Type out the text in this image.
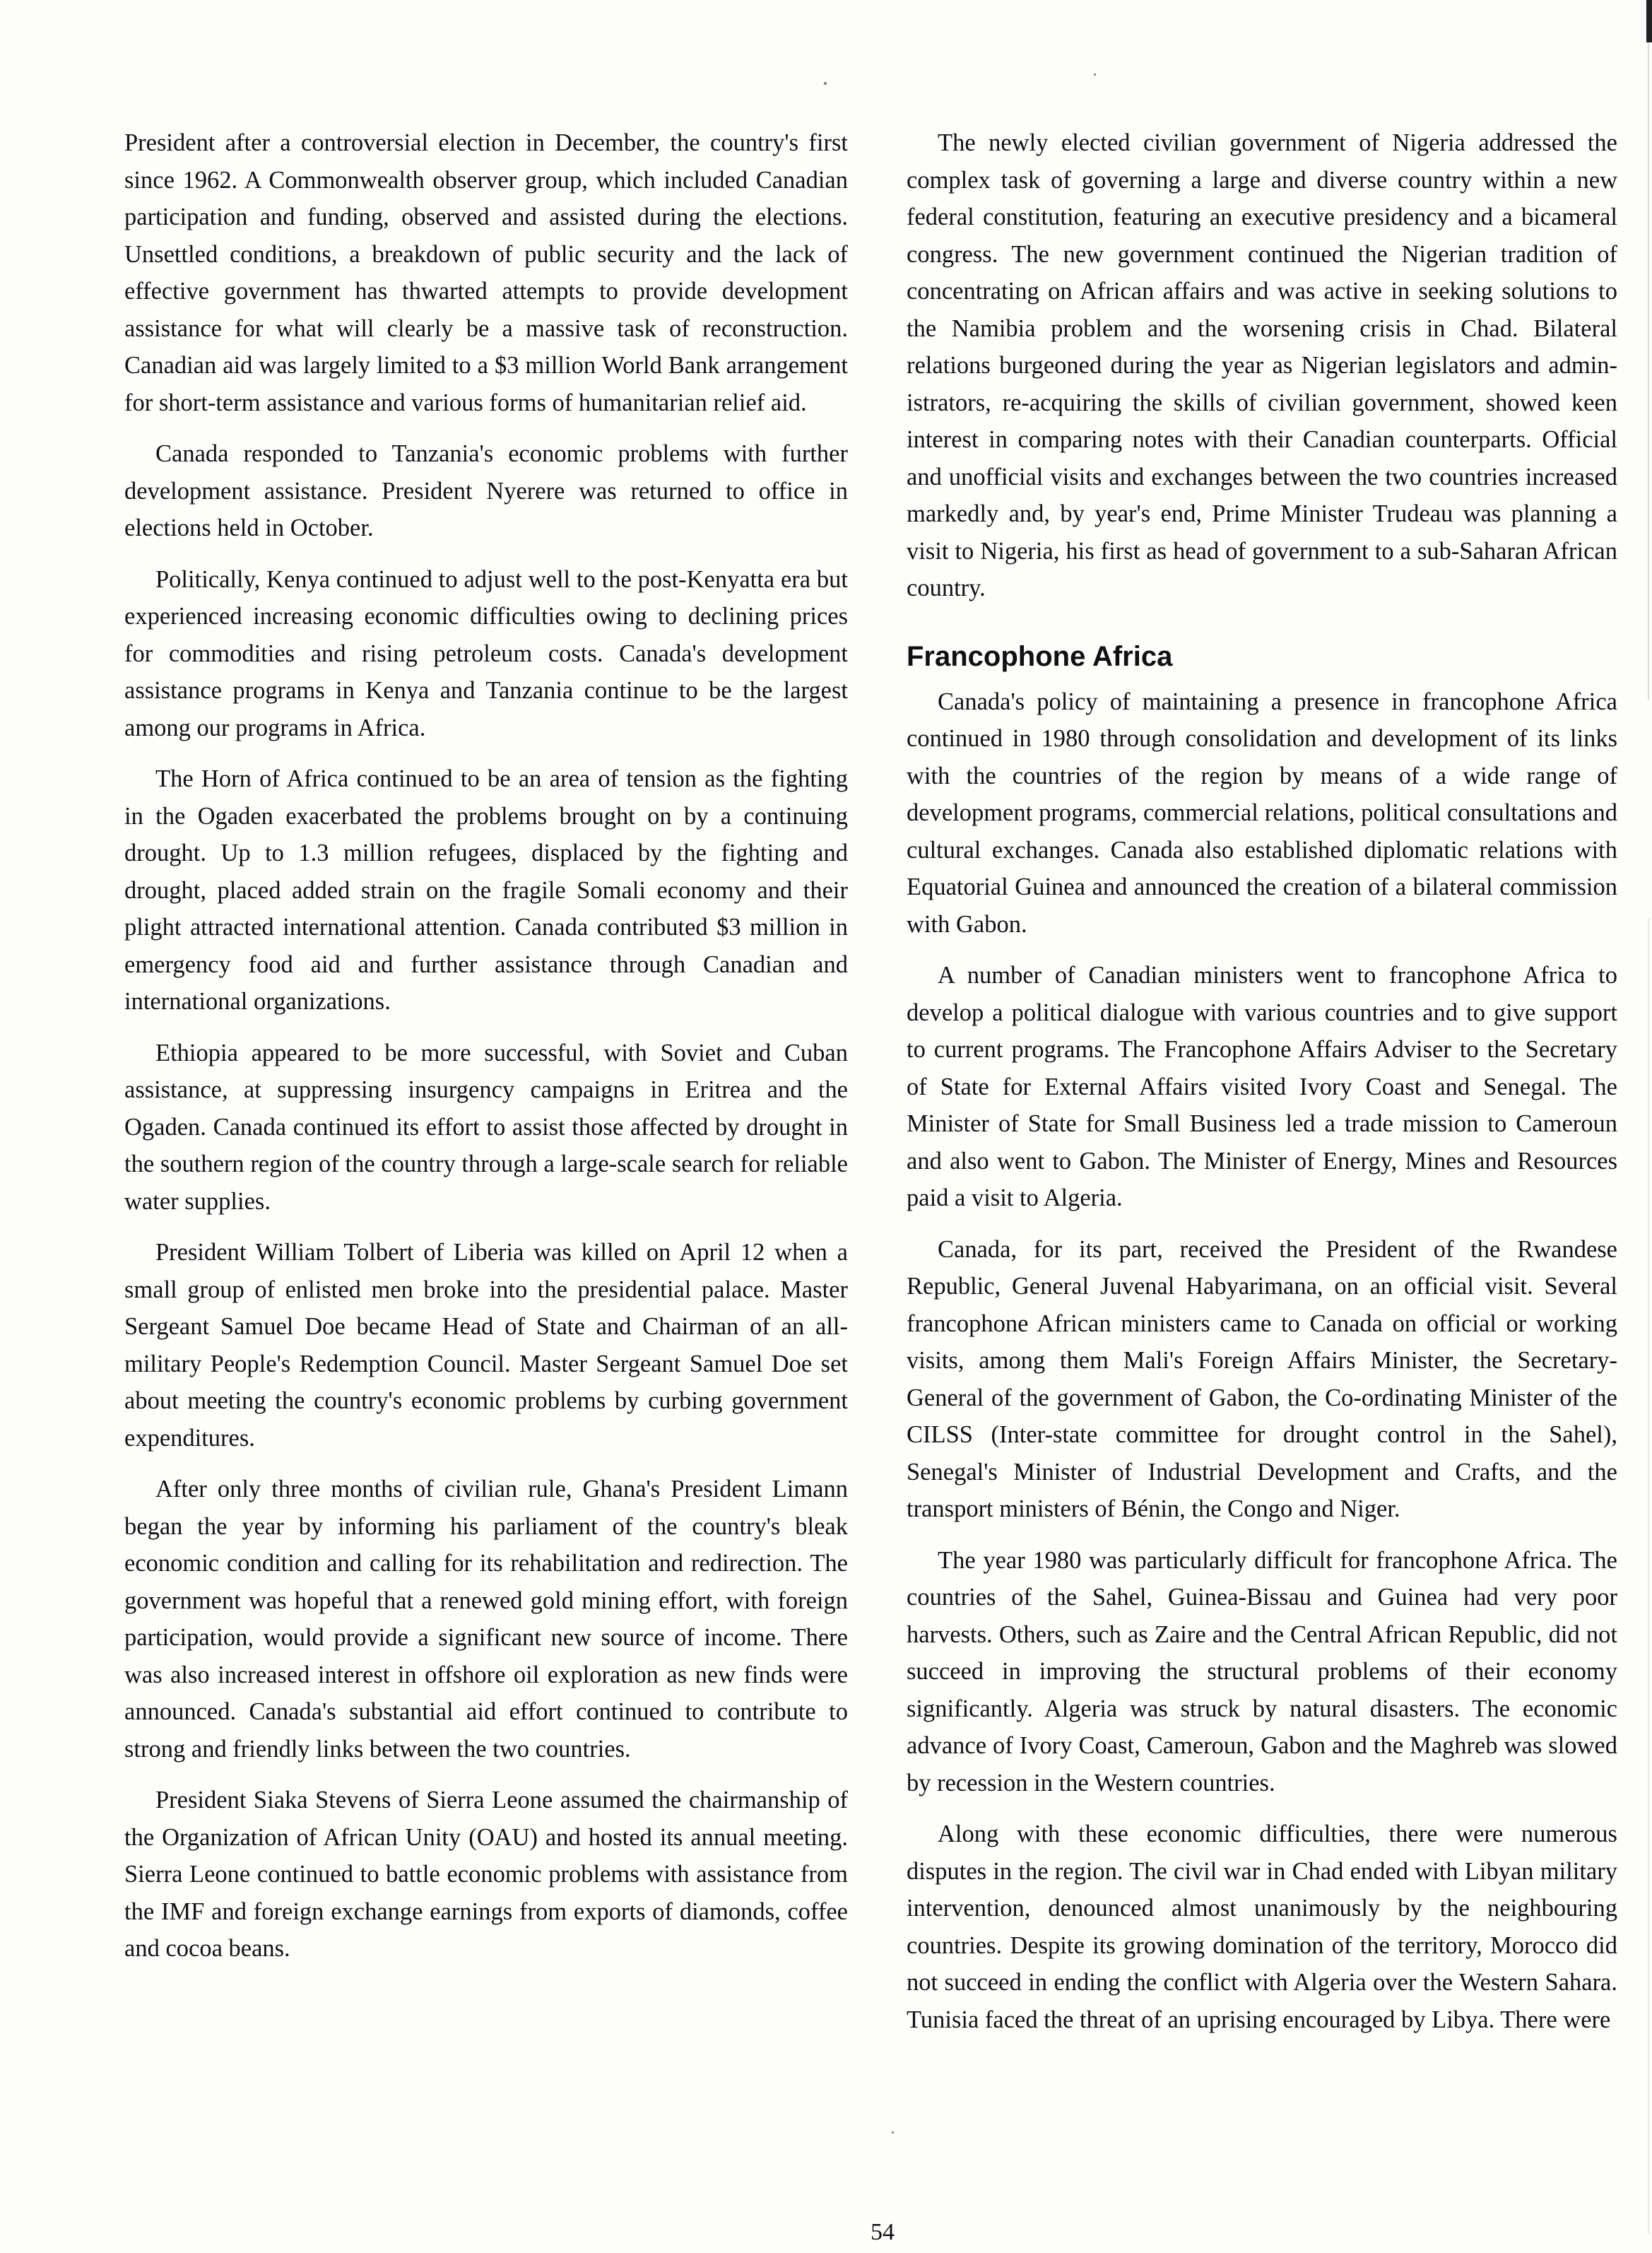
President after a controversial election in December, the country's first since 1962. A Commonwealth observer group, which included Canadian participation and funding, observed and assisted during the elections. Unsettled conditions, a breakdown of public security and the lack of effective government has thwarted attempts to provide development assistance for what will clearly be a massive task of reconstruction. Canadian aid was largely limited to a $3 million World Bank arrangement for short-term assistance and various forms of humanitarian relief aid.

Canada responded to Tanzania's economic problems with further development assistance. President Nyerere was returned to office in elections held in October.

Politically, Kenya continued to adjust well to the post-Kenyatta era but experienced increasing economic difficulties owing to declining prices for commodities and rising petroleum costs. Canada's development assistance programs in Kenya and Tanzania continue to be the largest among our programs in Africa.

The Horn of Africa continued to be an area of tension as the fighting in the Ogaden exacerbated the problems brought on by a continuing drought. Up to 1.3 million refugees, displaced by the fighting and drought, placed added strain on the fragile Somali economy and their plight attracted international attention. Canada contributed $3 million in emergency food aid and further assistance through Canadian and international organizations.

Ethiopia appeared to be more successful, with Soviet and Cuban assistance, at suppressing insurgency campaigns in Eritrea and the Ogaden. Canada continued its effort to assist those affected by drought in the southern region of the country through a large-scale search for reliable water supplies.

President William Tolbert of Liberia was killed on April 12 when a small group of enlisted men broke into the presidential palace. Master Sergeant Samuel Doe became Head of State and Chairman of an all-military People's Redemption Council. Master Sergeant Samuel Doe set about meeting the country's economic problems by curbing government expenditures.

After only three months of civilian rule, Ghana's President Limann began the year by informing his parliament of the country's bleak economic condition and calling for its rehabilitation and redirection. The government was hopeful that a renewed gold mining effort, with foreign participation, would provide a significant new source of income. There was also increased interest in offshore oil exploration as new finds were announced. Canada's substantial aid effort continued to contribute to strong and friendly links between the two countries.

President Siaka Stevens of Sierra Leone assumed the chairmanship of the Organization of African Unity (OAU) and hosted its annual meeting. Sierra Leone continued to battle economic problems with assistance from the IMF and foreign exchange earnings from exports of diamonds, coffee and cocoa beans.

The newly elected civilian government of Nigeria addressed the complex task of governing a large and diverse country within a new federal constitution, featuring an executive presidency and a bicameral congress. The new government continued the Nigerian tradition of concentrating on African affairs and was active in seeking solutions to the Namibia problem and the worsening crisis in Chad. Bilateral relations burgeoned during the year as Nigerian legislators and administrators, re-acquiring the skills of civilian government, showed keen interest in comparing notes with their Canadian counterparts. Official and unofficial visits and exchanges between the two countries increased markedly and, by year's end, Prime Minister Trudeau was planning a visit to Nigeria, his first as head of government to a sub-Saharan African country.

Francophone Africa

Canada's policy of maintaining a presence in francophone Africa continued in 1980 through consolidation and development of its links with the countries of the region by means of a wide range of development programs, commercial relations, political consultations and cultural exchanges. Canada also established diplomatic relations with Equatorial Guinea and announced the creation of a bilateral commission with Gabon.

A number of Canadian ministers went to francophone Africa to develop a political dialogue with various countries and to give support to current programs. The Francophone Affairs Adviser to the Secretary of State for External Affairs visited Ivory Coast and Senegal. The Minister of State for Small Business led a trade mission to Cameroun and also went to Gabon. The Minister of Energy, Mines and Resources paid a visit to Algeria.

Canada, for its part, received the President of the Rwandese Republic, General Juvenal Habyarimana, on an official visit. Several francophone African ministers came to Canada on official or working visits, among them Mali's Foreign Affairs Minister, the Secretary-General of the government of Gabon, the Co-ordinating Minister of the CILSS (Inter-state committee for drought control in the Sahel), Senegal's Minister of Industrial Development and Crafts, and the transport ministers of Bénin, the Congo and Niger.

The year 1980 was particularly difficult for francophone Africa. The countries of the Sahel, Guinea-Bissau and Guinea had very poor harvests. Others, such as Zaire and the Central African Republic, did not succeed in improving the structural problems of their economy significantly. Algeria was struck by natural disasters. The economic advance of Ivory Coast, Cameroun, Gabon and the Maghreb was slowed by recession in the Western countries.

Along with these economic difficulties, there were numerous disputes in the region. The civil war in Chad ended with Libyan military intervention, denounced almost unanimously by the neighbouring countries. Despite its growing domination of the territory, Morocco did not succeed in ending the conflict with Algeria over the Western Sahara. Tunisia faced the threat of an uprising encouraged by Libya. There were

54
